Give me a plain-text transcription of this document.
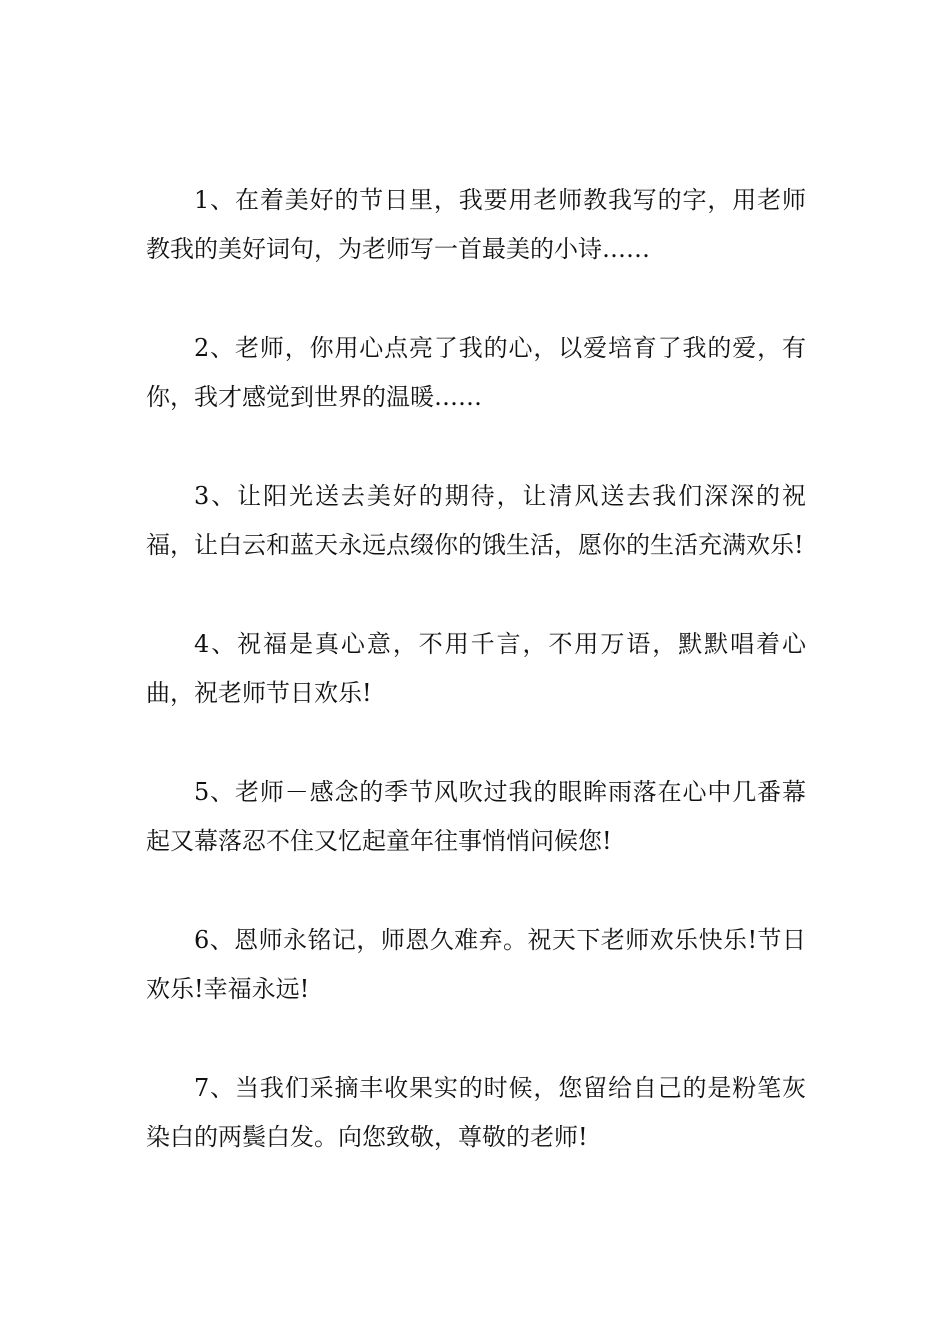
1、在着美好的节日里，我要用老师教我写的字，用老师教我的美好词句，为老师写一首最美的小诗……

2、老师，你用心点亮了我的心，以爱培育了我的爱，有你，我才感觉到世界的温暖……

3、让阳光送去美好的期待，让清风送去我们深深的祝福，让白云和蓝天永远点缀你的饿生活，愿你的生活充满欢乐!

4、祝福是真心意，不用千言，不用万语，默默唱着心曲，祝老师节日欢乐!

5、老师－感念的季节风吹过我的眼眸雨落在心中几番幕起又幕落忍不住又忆起童年往事悄悄问候您!

6、恩师永铭记，师恩久难弃。祝天下老师欢乐快乐!节日欢乐!幸福永远!

7、当我们采摘丰收果实的时候，您留给自己的是粉笔灰染白的两鬓白发。向您致敬，尊敬的老师!
